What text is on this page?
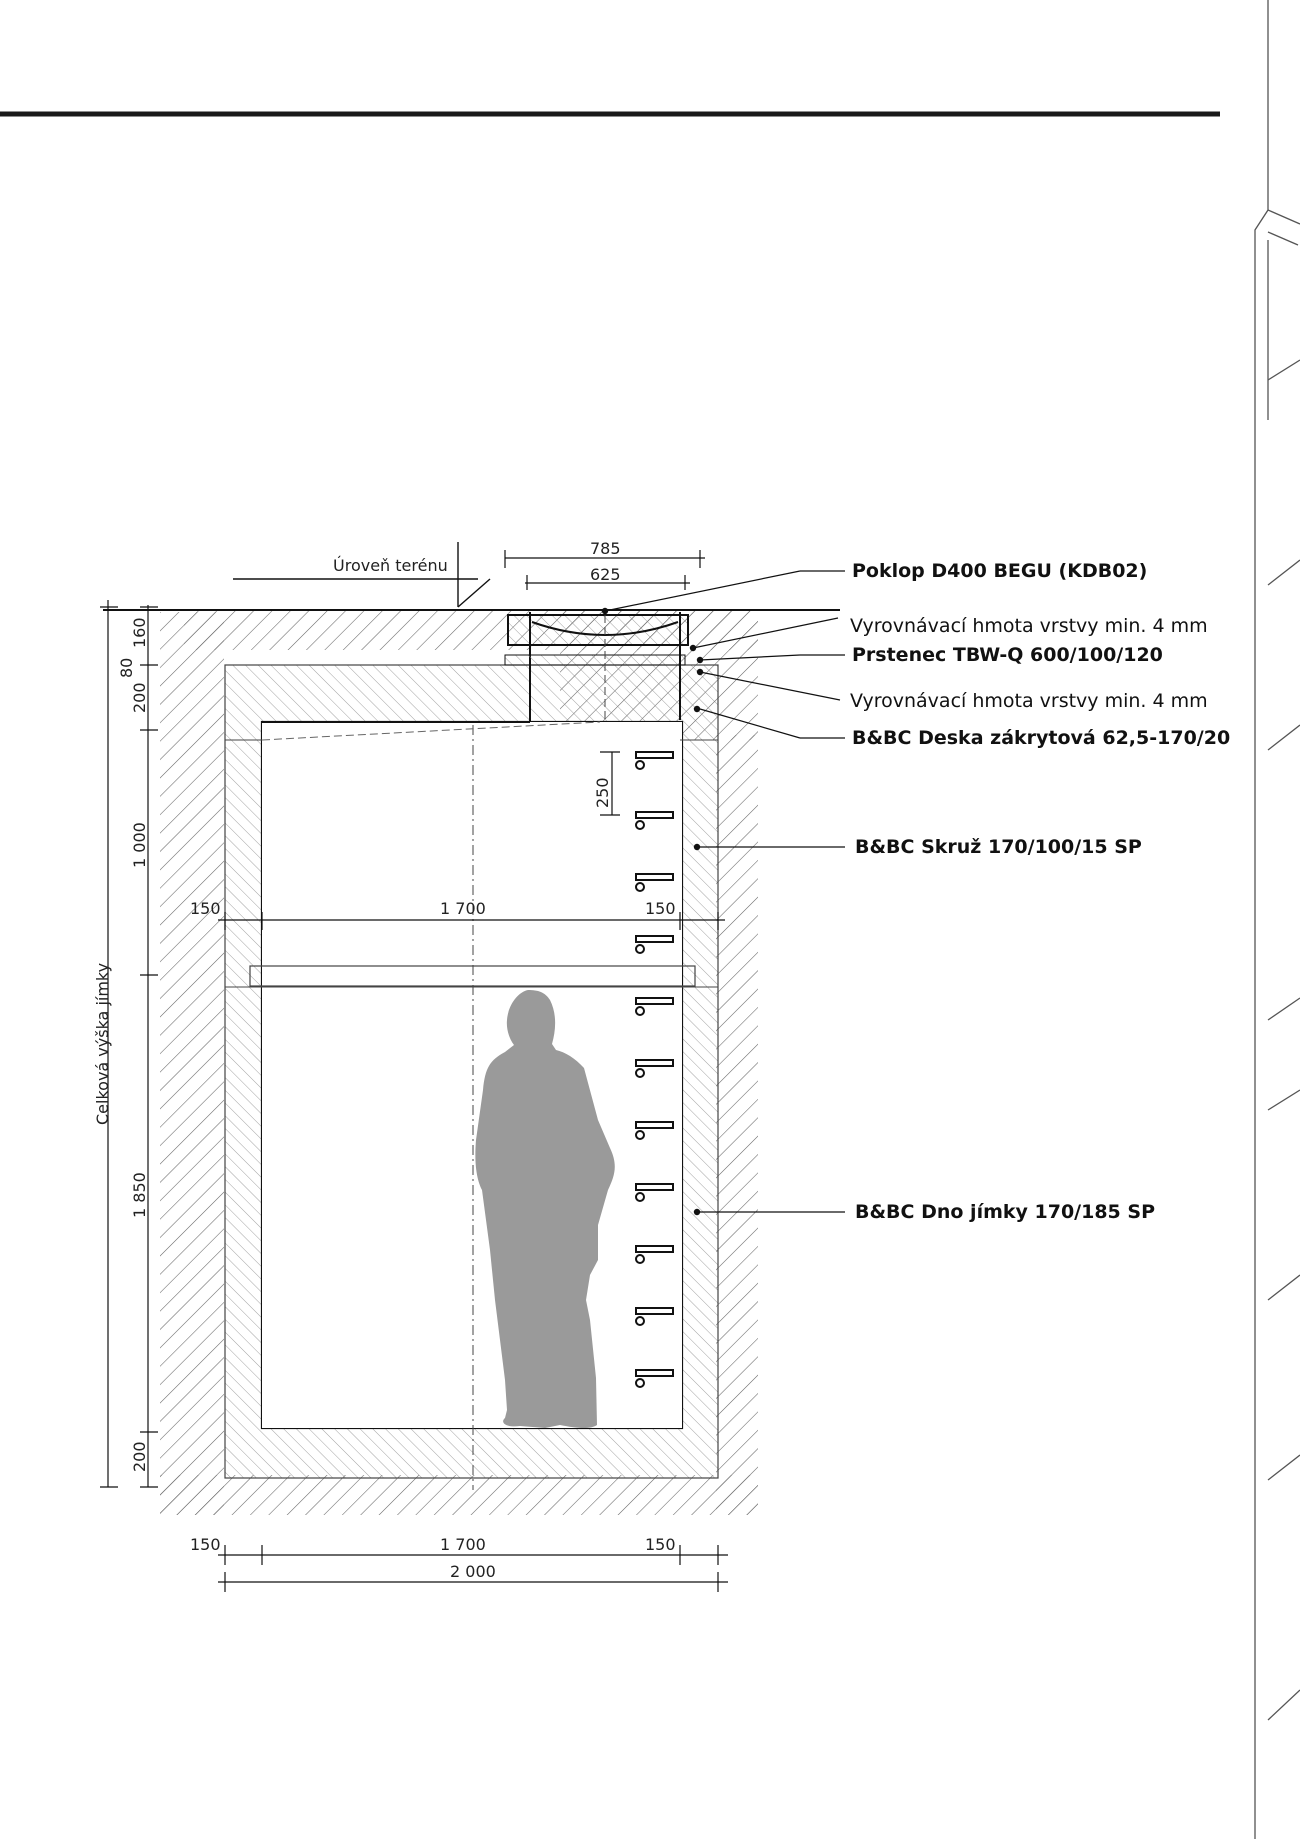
Úroveň terénu
785
625
160
80
200
1 000
250
1 850
200
Celková výška jímky
150	1 700	150
150	1 700	150
2 000
Poklop D400 BEGU (KDB02)
Vyrovnávací hmota vrstvy min. 4 mm
Prstenec TBW-Q 600/100/120
Vyrovnávací hmota vrstvy min. 4 mm
B&BC Deska zákrytová 62,5-170/20
B&BC Skruž 170/100/15 SP
B&BC Dno jímky 170/185 SP
